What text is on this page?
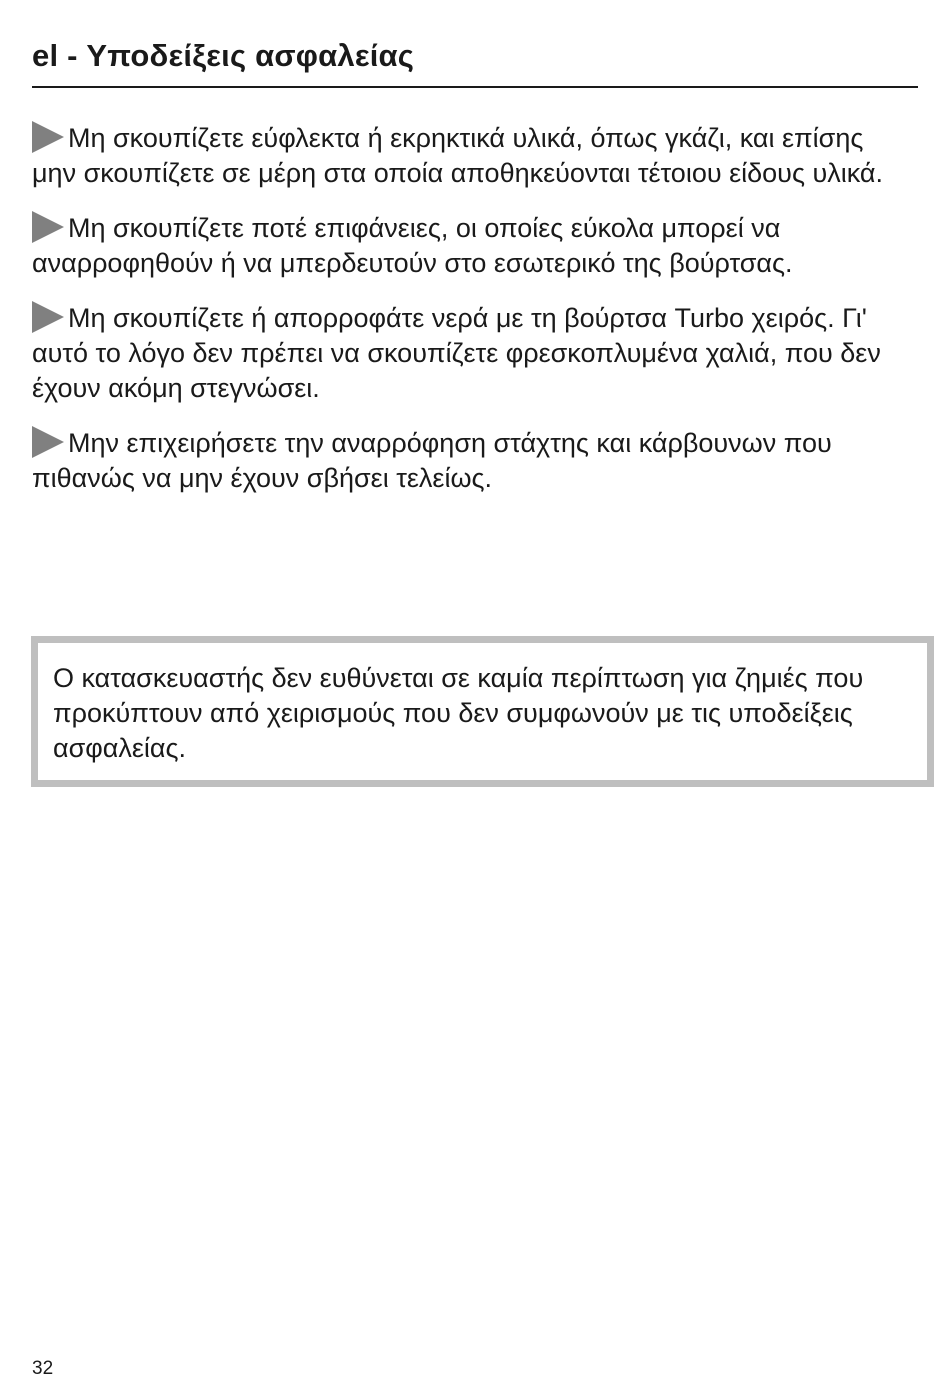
el - Υποδείξεις ασφαλείας

Μη σκουπίζετε εύφλεκτα ή εκρηκτικά υλικά, όπως γκάζι, και επίσης μην σκουπίζετε σε μέρη στα οποία αποθηκεύονται τέτοιου είδους υλικά.

Μη σκουπίζετε ποτέ επιφάνειες, οι οποίες εύκολα μπορεί να αναρροφηθούν ή να μπερδευτούν στο εσωτερικό της βούρτσας.

Μη σκουπίζετε ή απορροφάτε νερά με τη βούρτσα Turbo χειρός. Γι' αυτό το λόγο δεν πρέπει να σκουπίζετε φρεσκοπλυμένα χαλιά, που δεν έχουν ακόμη στεγνώσει.

Μην επιχειρήσετε την αναρρόφηση στάχτης και κάρβουνων που πιθανώς να μην έχουν σβήσει τελείως.

Ο κατασκευαστής δεν ευθύνεται σε καμία περίπτωση για ζημιές που προκύπτουν από χειρισμούς που δεν συμφωνούν με τις υποδείξεις ασφαλείας.

32
